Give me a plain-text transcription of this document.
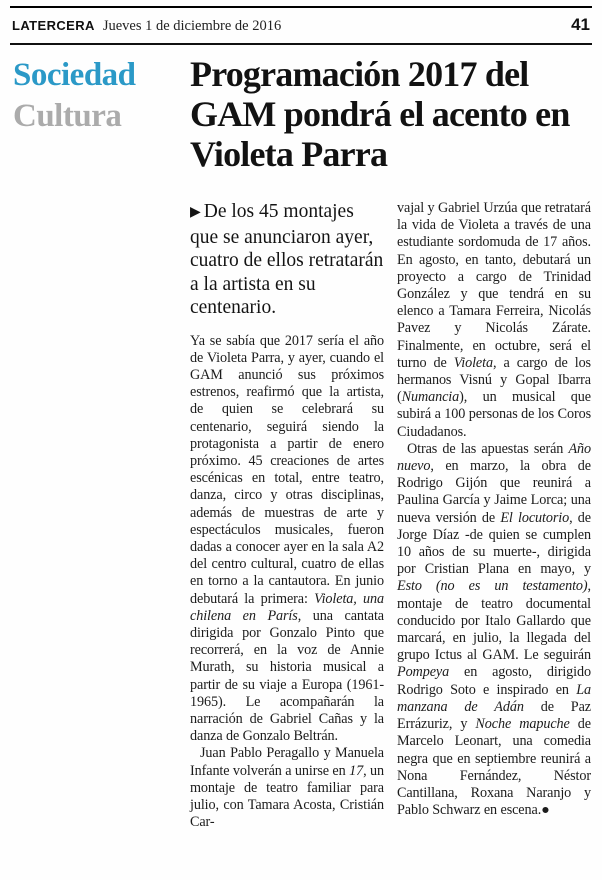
LATERCERA Jueves 1 de diciembre de 2016	41
Sociedad
Cultura
Programación 2017 del GAM pondrá el acento en Violeta Parra

▶ De los 45 montajes que se anunciaron ayer, cuatro de ellos retratarán a la artista en su centenario.

Ya se sabía que 2017 sería el año de Violeta Parra, y ayer, cuando el GAM anunció sus próximos estrenos, reafirmó que la artista, de quien se celebrará su centenario, seguirá siendo la protagonista a partir de enero próximo. 45 creaciones de artes escénicas en total, entre teatro, danza, circo y otras disciplinas, además de muestras de arte y espectáculos musicales, fueron dadas a conocer ayer en la sala A2 del centro cultural, cuatro de ellas en torno a la cantautora. En junio debutará la primera: Violeta, una chilena en París, una cantata dirigida por Gonzalo Pinto que recorrerá, en la voz de Annie Murath, su historia musical a partir de su viaje a Europa (1961-1965). Le acompañarán la narración de Gabriel Cañas y la danza de Gonzalo Beltrán.

Juan Pablo Peragallo y Manuela Infante volverán a unirse en 17, un montaje de teatro familiar para julio, con Tamara Acosta, Cristián Car-

vajal y Gabriel Urzúa que retratará la vida de Violeta a través de una estudiante sordomuda de 17 años. En agosto, en tanto, debutará un proyecto a cargo de Trinidad González y que tendrá en su elenco a Tamara Ferreira, Nicolás Pavez y Nicolás Zárate. Finalmente, en octubre, será el turno de Violeta, a cargo de los hermanos Visnú y Gopal Ibarra (Numancia), un musical que subirá a 100 personas de los Coros Ciudadanos.

Otras de las apuestas serán Año nuevo, en marzo, la obra de Rodrigo Gijón que reunirá a Paulina García y Jaime Lorca; una nueva versión de El locutorio, de Jorge Díaz -de quien se cumplen 10 años de su muerte-, dirigida por Cristian Plana en mayo, y Esto (no es un testamento), montaje de teatro documental conducido por Italo Gallardo que marcará, en julio, la llegada del grupo Ictus al GAM. Le seguirán Pompeya en agosto, dirigido Rodrigo Soto e inspirado en La manzana de Adán de Paz Errázuriz, y Noche mapuche de Marcelo Leonart, una comedia negra que en septiembre reunirá a Nona Fernández, Néstor Cantillana, Roxana Naranjo y Pablo Schwarz en escena.●
